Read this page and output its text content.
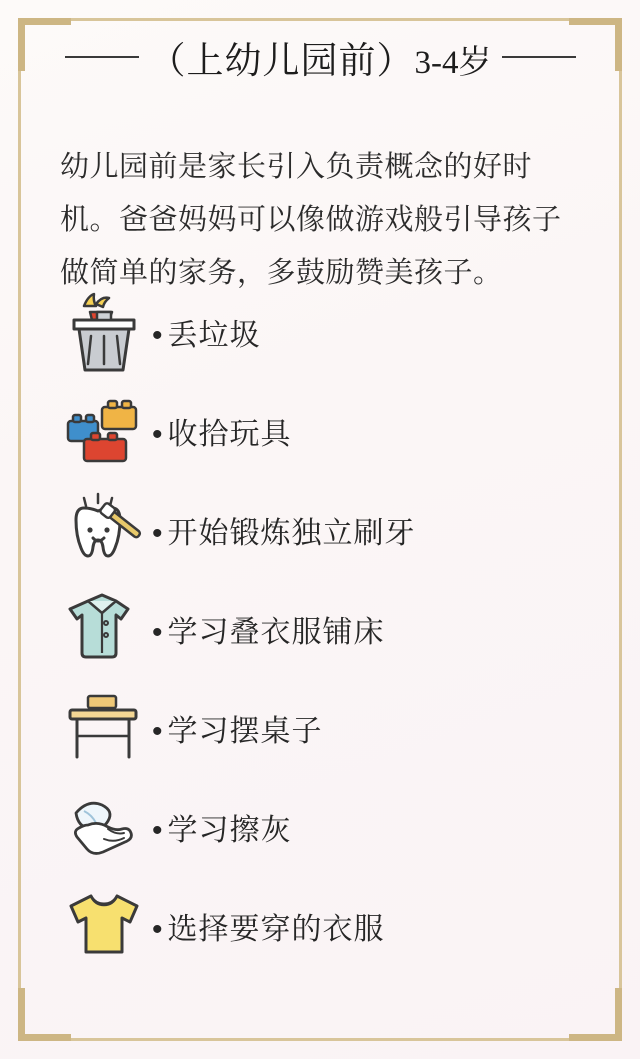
（上幼儿园前）3-4岁

幼儿园前是家长引入负责概念的好时机。爸爸妈妈可以像做游戏般引导孩子做简单的家务，多鼓励赞美孩子。

• 丢垃圾
• 收拾玩具
• 开始锻炼独立刷牙
• 学习叠衣服铺床
• 学习摆桌子
• 学习擦灰
• 选择要穿的衣服
